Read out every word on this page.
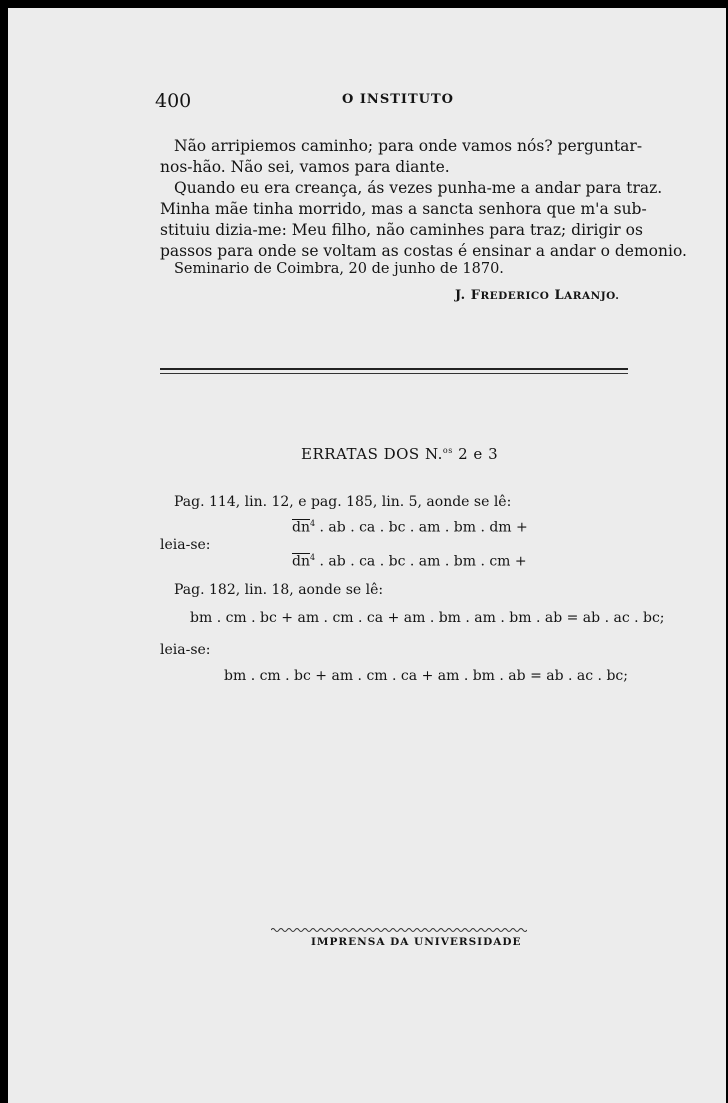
400	O INSTITUTO
Não arripiemos caminho; para onde vamos nós? perguntar-
nos-hão. Não sei, vamos para diante.
Quando eu era creança, ás vezes punha-me a andar para traz.
Minha mãe tinha morrido, mas a sancta senhora que m'a sub-
stituiu dizia-me: Meu filho, não caminhes para traz; dirigir os
passos para onde se voltam as costas é ensinar a andar o demonio.
Seminario de Coimbra, 20 de junho de 1870.
J. FREDERICO LARANJO.
ERRATAS DOS N.$^{os}$ 2 e 3
Pag. 114, lin. 12, e pag. 185, lin. 5, aonde se lê:
$\overline{dn}^4$ . ab . ca . bc . am . bm . dm +
leia-se:
$\overline{dn}^4$ . ab . ca . bc . am . bm . cm +
Pag. 182, lin. 18, aonde se lê:
bm . cm . bc + am . cm . ca + am . bm . am . bm . ab = ab . ac . bc;
leia-se:
bm . cm . bc + am . cm . ca + am . bm . ab = ab . ac . bc;
IMPRENSA DA UNIVERSIDADE
